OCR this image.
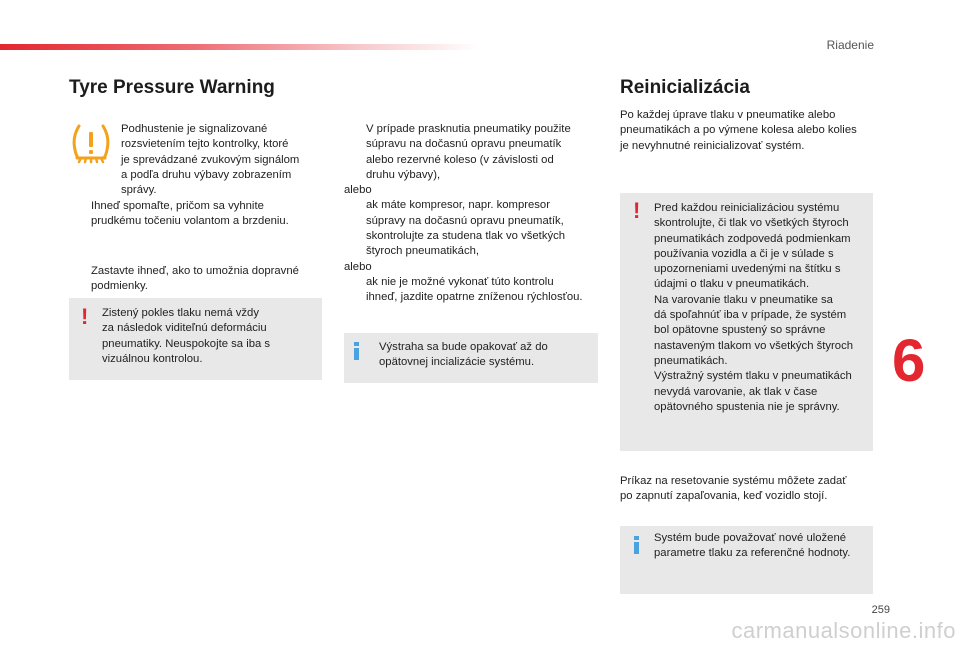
Riadenie
Tyre Pressure Warning
Podhustenie je signalizované
rozsvietením tejto kontrolky, ktoré
je sprevádzané zvukovým signálom
a podľa druhu výbavy zobrazením
správy.
Ihneď spomaľte, pričom sa vyhnite
prudkému točeniu volantom a brzdeniu.
Zastavte ihneď, ako to umožnia dopravné
podmienky.
! Zistený pokles tlaku nemá vždy
za následok viditeľnú deformáciu
pneumatiky. Neuspokojte sa iba s
vizuálnou kontrolou.
V prípade prasknutia pneumatiky použite
súpravu na dočasnú opravu pneumatík
alebo rezervné koleso (v závislosti od
druhu výbavy),
alebo
ak máte kompresor, napr. kompresor
súpravy na dočasnú opravu pneumatík,
skontrolujte za studena tlak vo všetkých
štyroch pneumatikách,
alebo
ak nie je možné vykonať túto kontrolu
ihneď, jazdite opatrne zníženou rýchlosťou.
Výstraha sa bude opakovať až do
opätovnej incializácie systému.
Reinicializácia
Po každej úprave tlaku v pneumatike alebo
pneumatikách a po výmene kolesa alebo kolies
je nevyhnutné reinicializovať systém.
! Pred každou reinicializáciou systému
skontrolujte, či tlak vo všetkých štyroch
pneumatikách zodpovedá podmienkam
používania vozidla a či je v súlade s
upozorneniami uvedenými na štítku s
údajmi o tlaku v pneumatikách.
Na varovanie tlaku v pneumatike sa
dá spoľahnúť iba v prípade, že systém
bol opätovne spustený so správne
nastaveným tlakom vo všetkých štyroch
pneumatikách.
Výstražný systém tlaku v pneumatikách
nevydá varovanie, ak tlak v čase
opätovného spustenia nie je správny.
Príkaz na resetovanie systému môžete zadať
po zapnutí zapaľovania, keď vozidlo stojí.
Systém bude považovať nové uložené
parametre tlaku za referenčné hodnoty.
6
259
carmanualsonline.info
